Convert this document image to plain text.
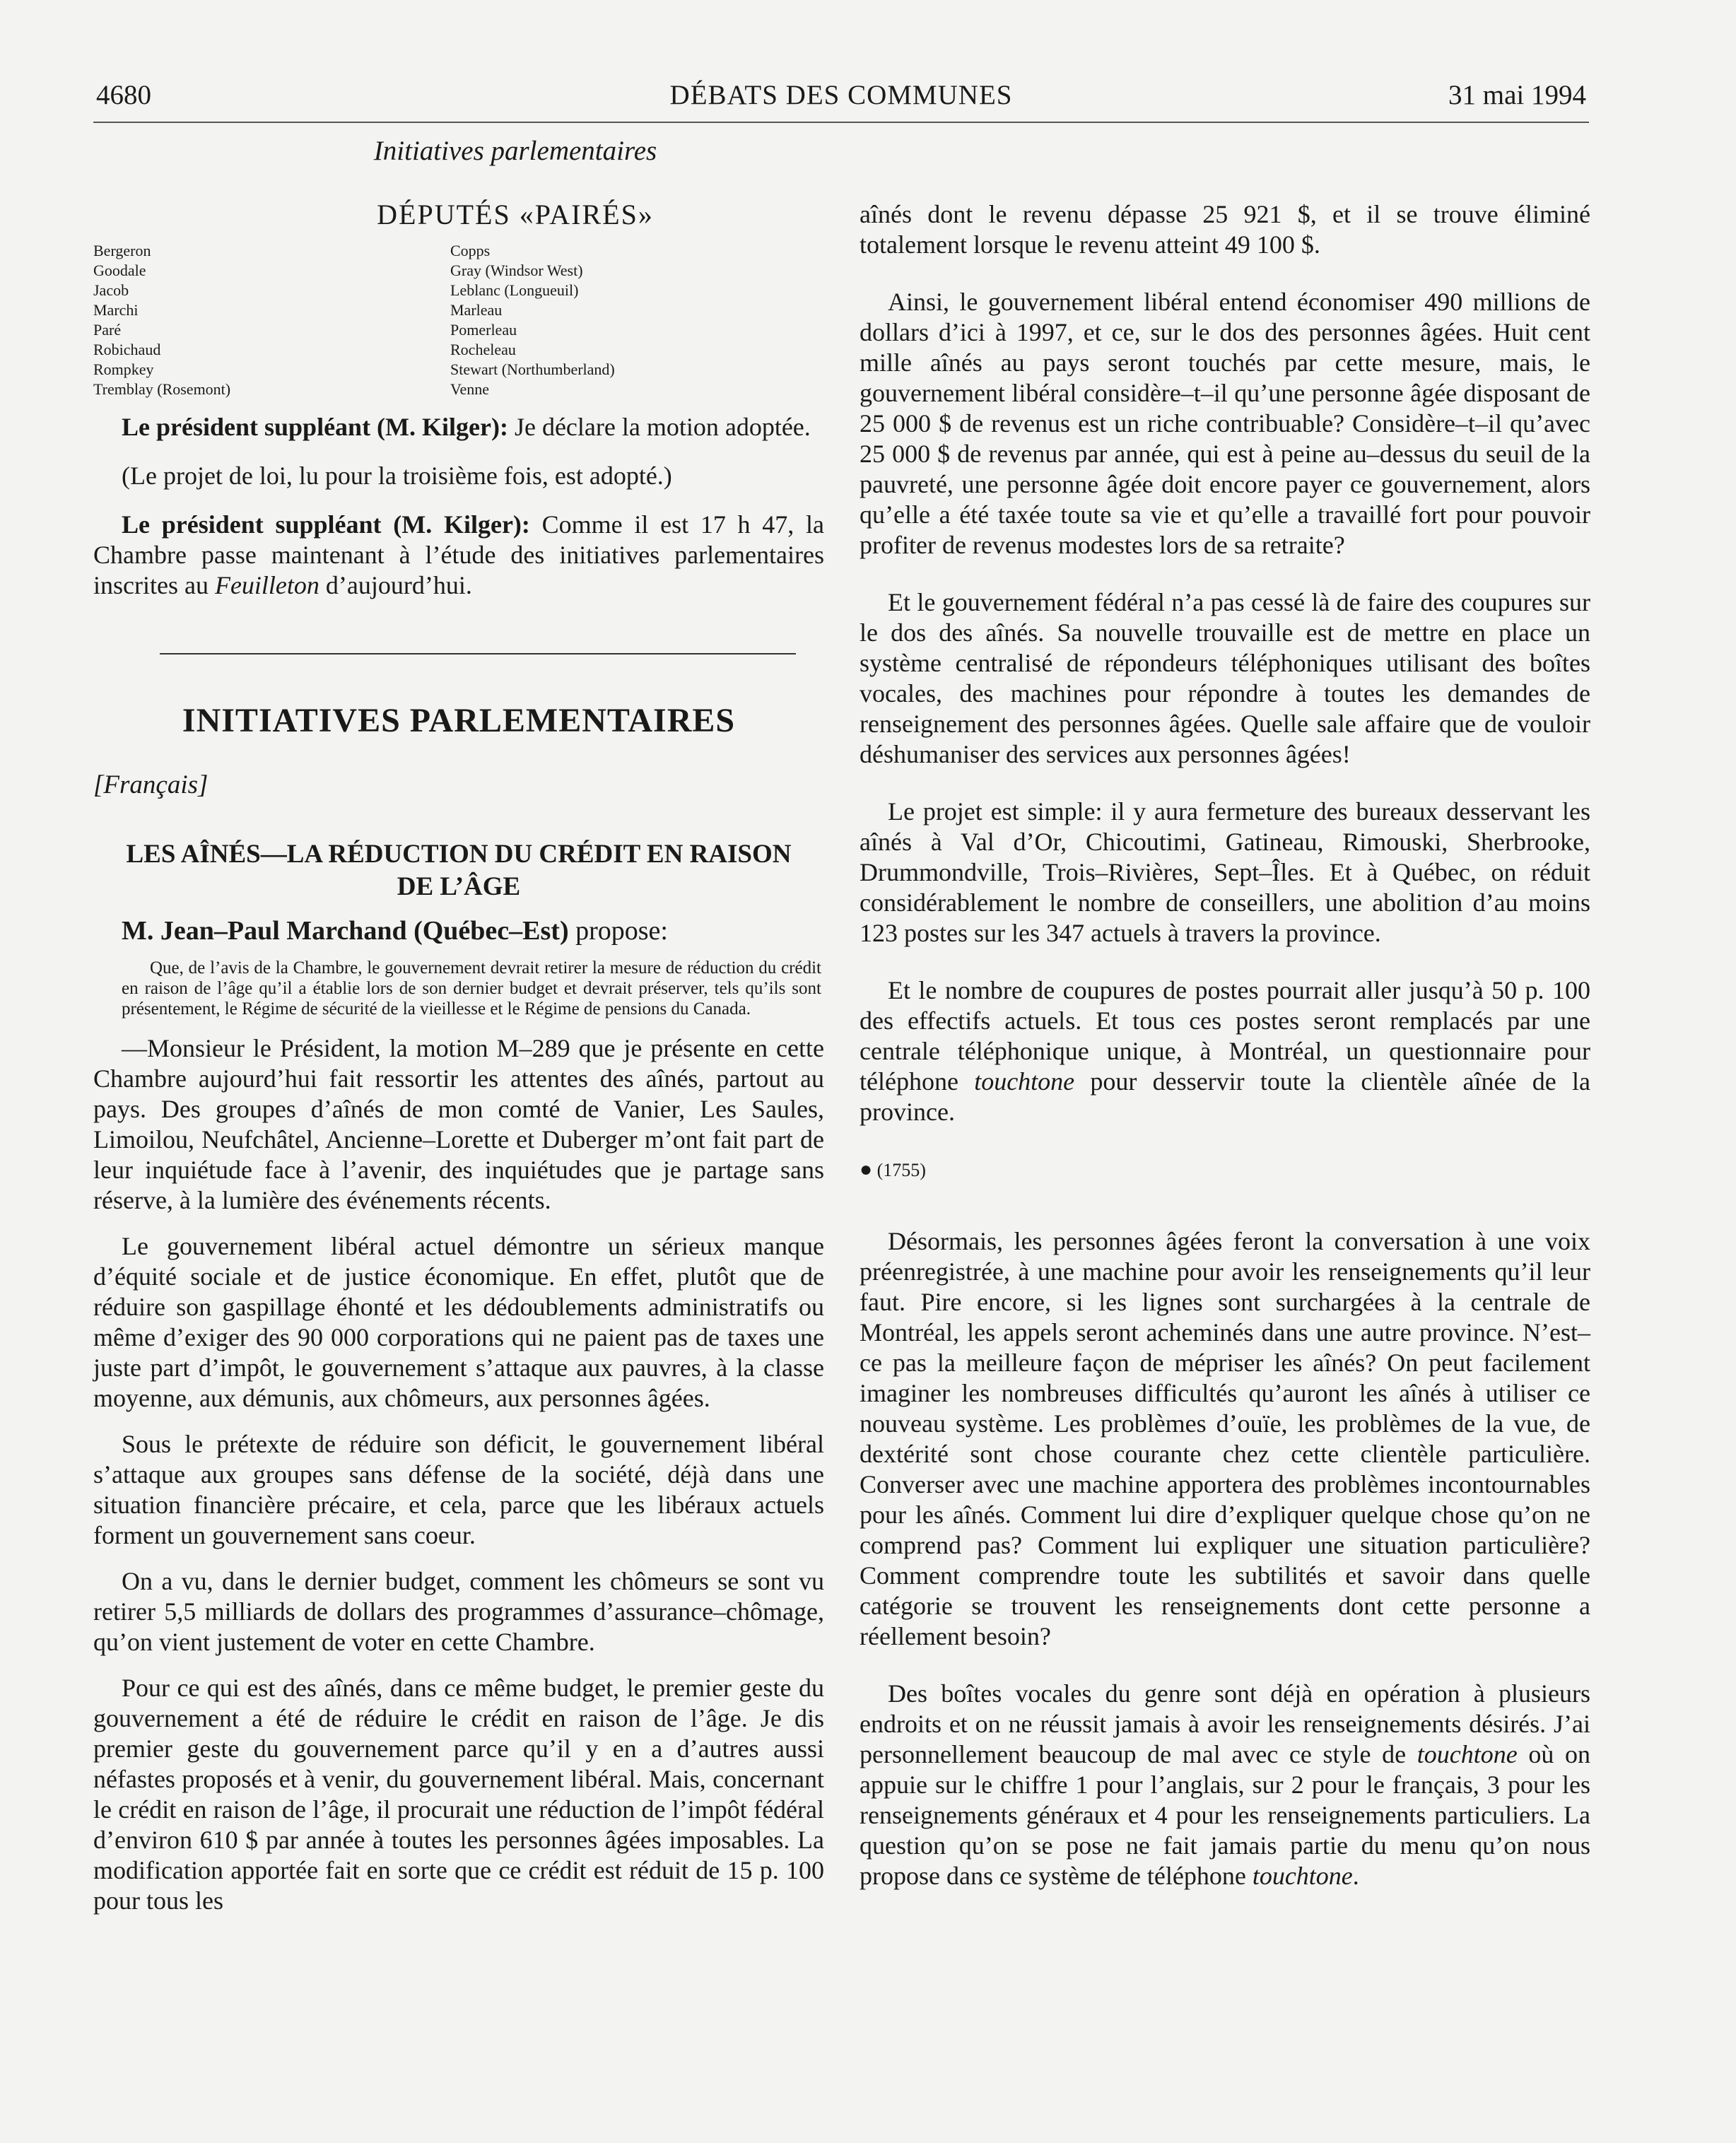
DÉBATS DES COMMUNES
4680	31 mai 1994
Initiatives parlementaires
DÉPUTÉS «PAIRÉS»
Bergeron
Goodale
Jacob
Marchi
Paré
Robichaud
Rompkey
Tremblay (Rosemont)
Copps
Gray (Windsor West)
Leblanc (Longueuil)
Marleau
Pomerleau
Rocheleau
Stewart (Northumberland)
Venne

Le président suppléant (M. Kilger): Je déclare la motion adoptée.

(Le projet de loi, lu pour la troisième fois, est adopté.)

Le président suppléant (M. Kilger): Comme il est 17 h 47, la Chambre passe maintenant à l’étude des initiatives parlementaires inscrites au Feuilleton d’aujourd’hui.

INITIATIVES PARLEMENTAIRES
[Français]
LES AÎNÉS—LA RÉDUCTION DU CRÉDIT EN RAISON
DE L’ÂGE

M. Jean–Paul Marchand (Québec–Est) propose:

Que, de l’avis de la Chambre, le gouvernement devrait retirer la mesure de réduction du crédit en raison de l’âge qu’il a établie lors de son dernier budget et devrait préserver, tels qu’ils sont présentement, le Régime de sécurité de la vieillesse et le Régime de pensions du Canada.

—Monsieur le Président, la motion M–289 que je présente en cette Chambre aujourd’hui fait ressortir les attentes des aînés, partout au pays. Des groupes d’aînés de mon comté de Vanier, Les Saules, Limoilou, Neufchâtel, Ancienne–Lorette et Duberger m’ont fait part de leur inquiétude face à l’avenir, des inquiétudes que je partage sans réserve, à la lumière des événements récents.

Le gouvernement libéral actuel démontre un sérieux manque d’équité sociale et de justice économique. En effet, plutôt que de réduire son gaspillage éhonté et les dédoublements administratifs ou même d’exiger des 90 000 corporations qui ne paient pas de taxes une juste part d’impôt, le gouvernement s’attaque aux pauvres, à la classe moyenne, aux démunis, aux chômeurs, aux personnes âgées.

Sous le prétexte de réduire son déficit, le gouvernement libéral s’attaque aux groupes sans défense de la société, déjà dans une situation financière précaire, et cela, parce que les libéraux actuels forment un gouvernement sans coeur.

On a vu, dans le dernier budget, comment les chômeurs se sont vu retirer 5,5 milliards de dollars des programmes d’assurance–chômage, qu’on vient justement de voter en cette Chambre.

Pour ce qui est des aînés, dans ce même budget, le premier geste du gouvernement a été de réduire le crédit en raison de l’âge. Je dis premier geste du gouvernement parce qu’il y en a d’autres aussi néfastes proposés et à venir, du gouvernement libéral. Mais, concernant le crédit en raison de l’âge, il procurait une réduction de l’impôt fédéral d’environ 610 $ par année à toutes les personnes âgées imposables. La modification apportée fait en sorte que ce crédit est réduit de 15 p. 100 pour tous les

aînés dont le revenu dépasse 25 921 $, et il se trouve éliminé totalement lorsque le revenu atteint 49 100 $.

Ainsi, le gouvernement libéral entend économiser 490 millions de dollars d’ici à 1997, et ce, sur le dos des personnes âgées. Huit cent mille aînés au pays seront touchés par cette mesure, mais, le gouvernement libéral considère–t–il qu’une personne âgée disposant de 25 000 $ de revenus est un riche contribuable? Considère–t–il qu’avec 25 000 $ de revenus par année, qui est à peine au–dessus du seuil de la pauvreté, une personne âgée doit encore payer ce gouvernement, alors qu’elle a été taxée toute sa vie et qu’elle a travaillé fort pour pouvoir profiter de revenus modestes lors de sa retraite?

Et le gouvernement fédéral n’a pas cessé là de faire des coupures sur le dos des aînés. Sa nouvelle trouvaille est de mettre en place un système centralisé de répondeurs téléphoniques utilisant des boîtes vocales, des machines pour répondre à toutes les demandes de renseignement des personnes âgées. Quelle sale affaire que de vouloir déshumaniser des services aux personnes âgées!

Le projet est simple: il y aura fermeture des bureaux desservant les aînés à Val d’Or, Chicoutimi, Gatineau, Rimouski, Sherbrooke, Drummondville, Trois–Rivières, Sept–Îles. Et à Québec, on réduit considérablement le nombre de conseillers, une abolition d’au moins 123 postes sur les 347 actuels à travers la province.

Et le nombre de coupures de postes pourrait aller jusqu’à 50 p. 100 des effectifs actuels. Et tous ces postes seront remplacés par une centrale téléphonique unique, à Montréal, un questionnaire pour téléphone touchtone pour desservir toute la clientèle aînée de la province.

● (1755)

Désormais, les personnes âgées feront la conversation à une voix préenregistrée, à une machine pour avoir les renseignements qu’il leur faut. Pire encore, si les lignes sont surchargées à la centrale de Montréal, les appels seront acheminés dans une autre province. N’est–ce pas la meilleure façon de mépriser les aînés? On peut facilement imaginer les nombreuses difficultés qu’auront les aînés à utiliser ce nouveau système. Les problèmes d’ouïe, les problèmes de la vue, de dextérité sont chose courante chez cette clientèle particulière. Converser avec une machine apportera des problèmes incontournables pour les aînés. Comment lui dire d’expliquer quelque chose qu’on ne comprend pas? Comment lui expliquer une situation particulière? Comment comprendre toute les subtilités et savoir dans quelle catégorie se trouvent les renseignements dont cette personne a réellement besoin?

Des boîtes vocales du genre sont déjà en opération à plusieurs endroits et on ne réussit jamais à avoir les renseignements désirés. J’ai personnellement beaucoup de mal avec ce style de touchtone où on appuie sur le chiffre 1 pour l’anglais, sur 2 pour le français, 3 pour les renseignements généraux et 4 pour les renseignements particuliers. La question qu’on se pose ne fait jamais partie du menu qu’on nous propose dans ce système de téléphone touchtone.
